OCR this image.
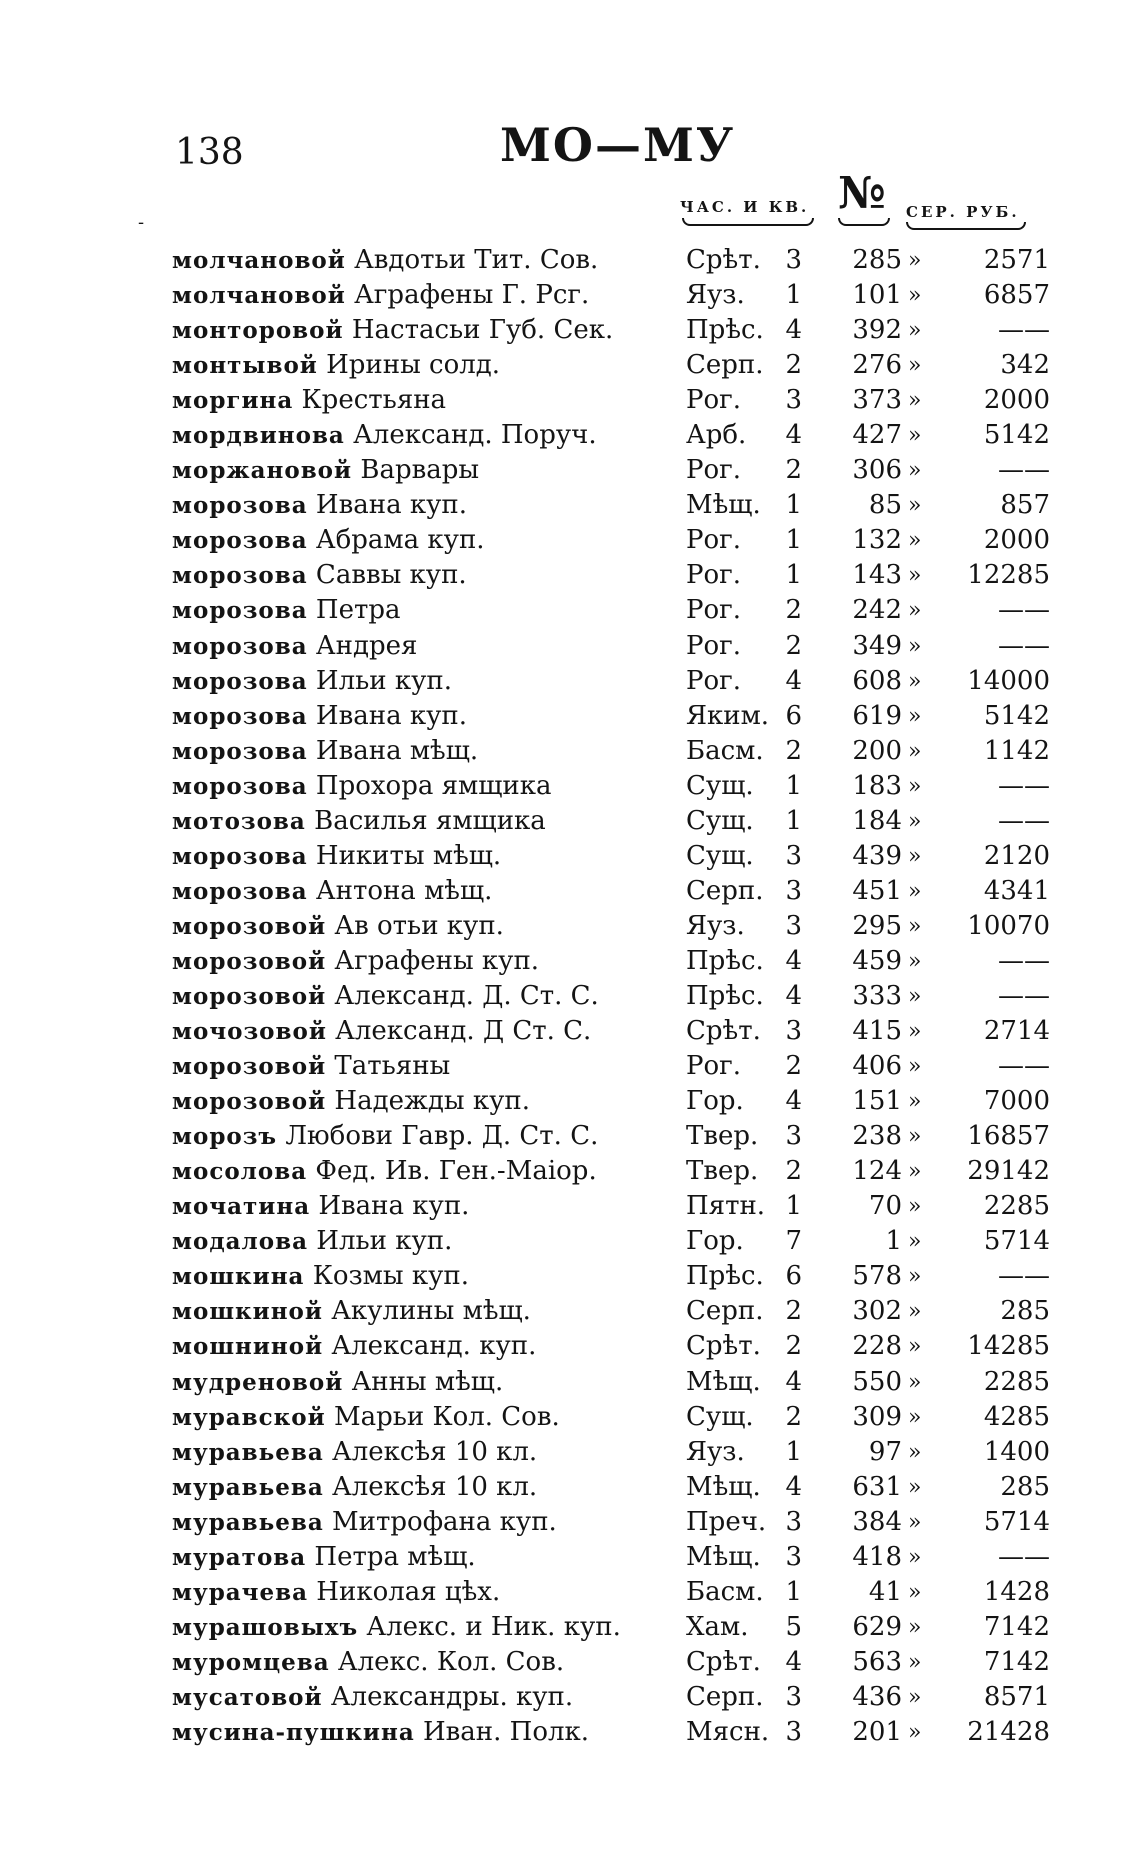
138	МО—МУ
-
ЧАС. И КВ. № СЕР. РУБ.
молчановой Авдотьи Тит. Сов.	Срѣт. 3	285 »	2571
молчановой Аграфены Г. Рсг.	Яуз. 1	101 »	6857
монторовой Настасьи Губ. Сек.	Прѣс. 4	392 »	——
монтывой Ирины солд.	Серп. 2	276 »	342
моргина Крестьяна	Рог. 3	373 »	2000
мордвинова Александ. Поруч.	Арб. 4	427 »	5142
моржановой Варвары	Рог. 2	306 »	——
морозова Ивана куп.	Мѣщ. 1	85 »	857
морозова Абрама куп.	Рог. 1	132 »	2000
морозова Саввы куп.	Рог. 1	143 »	12285
морозова Петра	Рог. 2	242 »	——
морозова Андрея	Рог. 2	349 »	——
морозова Ильи куп.	Рог. 4	608 »	14000
морозова Ивана куп.	Яким. 6	619 »	5142
морозова Ивана мѣщ.	Басм. 2	200 »	1142
морозова Прохора ямщика	Сущ. 1	183 »	——
мотозова Василья ямщика	Сущ. 1	184 »	——
морозова Никиты мѣщ.	Сущ. 3	439 »	2120
морозова Антона мѣщ.	Серп. 3	451 »	4341
морозовой Ав отьи куп.	Яуз. 3	295 »	10070
морозовой Аграфены куп.	Прѣс. 4	459 »	——
морозовой Александ. Д. Ст. С.	Прѣс. 4	333 »	——
мочозовой Александ. Д Ст. С.	Срѣт. 3	415 »	2714
морозовой Татьяны	Рог. 2	406 »	——
морозовой Надежды куп.	Гор. 4	151 »	7000
морозъ Любови Гавр. Д. Ст. С.	Твер. 3	238 »	16857
мосолова Фед. Ив. Ген.-Маіор.	Твер. 2	124 »	29142
мочатина Ивана куп.	Пятн. 1	70 »	2285
модалова Ильи куп.	Гор. 7	1 »	5714
мошкина Козмы куп.	Прѣс. 6	578 »	——
мошкиной Акулины мѣщ.	Серп. 2	302 »	285
мошниной Александ. куп.	Срѣт. 2	228 »	14285
мудреновой Анны мѣщ.	Мѣщ. 4	550 »	2285
муравской Марьи Кол. Сов.	Сущ. 2	309 »	4285
муравьева Алексѣя 10 кл.	Яуз. 1	97 »	1400
муравьева Алексѣя 10 кл.	Мѣщ. 4	631 »	285
муравьева Митрофана куп.	Преч. 3	384 »	5714
муратова Петра мѣщ.	Мѣщ. 3	418 »	——
мурачева Николая цѣх.	Басм. 1	41 »	1428
мурашовыхъ Алекс. и Ник. куп.	Хам. 5	629 »	7142
муромцева Алекс. Кол. Сов.	Срѣт. 4	563 »	7142
мусатовой Александры. куп.	Серп. 3	436 »	8571
мусина-пушкина Иван. Полк.	Мясн. 3	201 »	21428
